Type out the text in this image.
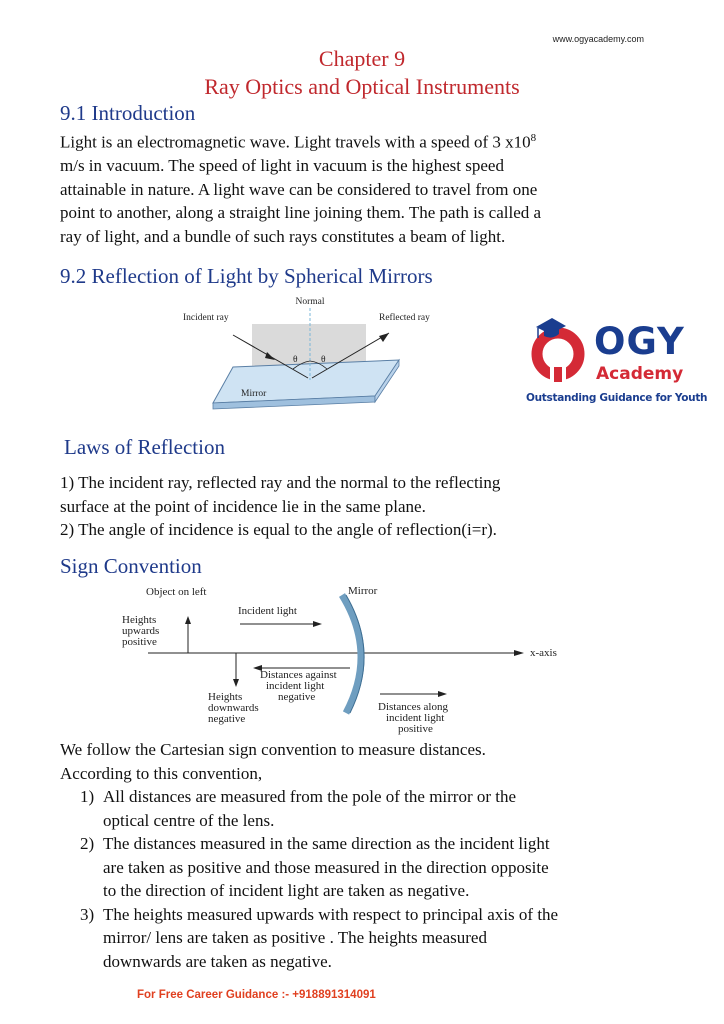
www.ogyacademy.com
Chapter 9
Ray Optics and Optical Instruments
9.1 Introduction
Light is an electromagnetic wave. Light travels with a speed of 3 $x10^8$
m/s in vacuum. The speed of light in vacuum is the highest speed
attainable in nature. A light wave can be considered to travel from one
point to another, along a straight line joining them. The path is called a
ray of light, and a bundle of such rays constitutes a beam of light.
9.2 Reflection of Light by Spherical Mirrors
Normal
Incident ray	Reflected ray
θ θ
Mirror
OGY
Academy
Outstanding Guidance for Youth
Laws of Reflection
1) The incident ray, reflected ray and the normal to the reflecting
surface at the point of incidence lie in the same plane.
2) The angle of incidence is equal to the angle of reflection(i=r).
Sign Convention
Object on left	Mirror
Heights
upwards
positive
Incident light
x-axis
Distances against
incident light
negative
Heights
downwards
negative
Distances along
incident light
positive
We follow the Cartesian sign convention to measure distances.
According to this convention,
1) All distances are measured from the pole of the mirror or the
optical centre of the lens.
2) The distances measured in the same direction as the incident light
are taken as positive and those measured in the direction opposite
to the direction of incident light are taken as negative.
3) The heights measured upwards with respect to principal axis of the
mirror/ lens are taken as positive . The heights measured
downwards are taken as negative.
For Free Career Guidance :- +918891314091
